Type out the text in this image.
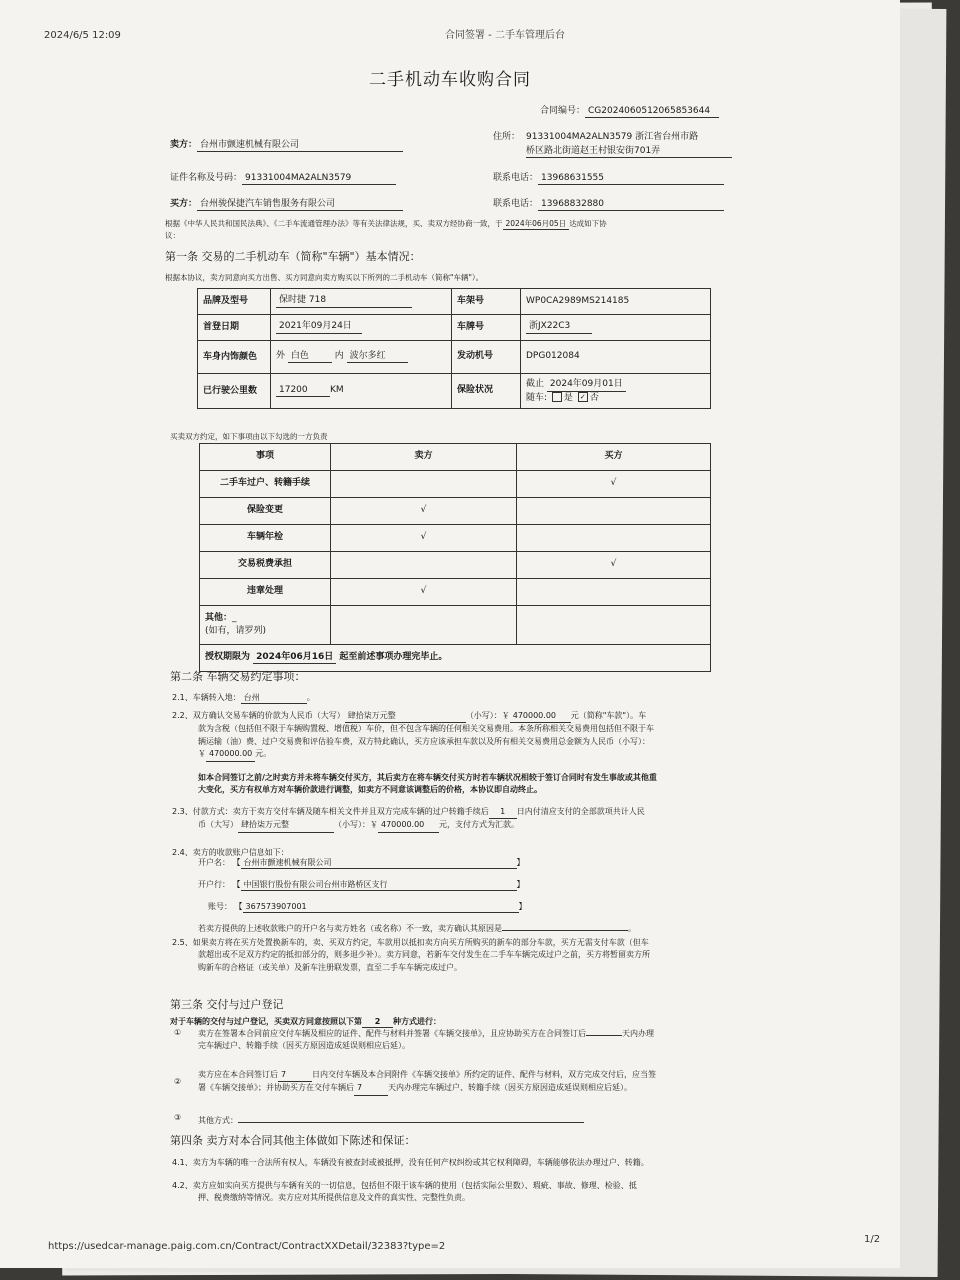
2024/6/5 12:09	合同签署 - 二手车管理后台
二手机动车收购合同
合同编号： CG2024060512065853644
卖方： 台州市颤速机械有限公司
住所： 91331004MA2ALN3579 浙江省台州市路
桥区路北街道赵王村银安街701弄
证件名称及号码： 91331004MA2ALN3579	联系电话： 13968631555
买方： 台州骏保捷汽车销售服务有限公司	联系电话： 13968832880
根据《中华人民共和国民法典》、《二手车流通管理办法》等有关法律法规，买、卖双方经协商一致，于 2024年06月05日 达成如下协
议：
第一条 交易的二手机动车（简称"车辆"）基本情况：
根据本协议，卖方同意向买方出售、买方同意向卖方购买以下所列的二手机动车（简称"车辆"）。
品牌及型号	保时捷 718	车架号	WP0CA2989MS214185
首登日期	2021年09月24日	车牌号	浙JX22C3
车身内饰颜色	外 白色 内 波尔多红	发动机号	DPG012084
已行驶公里数	17200 KM	保险状况	截止 2024年09月01日
随车: 是 ✓ 否
买卖双方约定，如下事项由以下勾选的一方负责
事项	卖方	买方
二手车过户、转籍手续		√
保险变更	√	
车辆年检	√	
交易税费承担		√
违章处理	√	
其他：_
(如有，请罗列)		
授权期限为 2024年06月16日 起至前述事项办理完毕止。		
第二条 车辆交易约定事项：
2.1、车辆转入地： 台州	。
2.2、双方确认交易车辆的价款为人民币（大写） 肆拾柒万元整	（小写）：￥ 470000.00 元（简称"车款"）。车
款为含税（包括但不限于车辆购置税、增值税）车价，但不包含车辆的任何相关交易费用。本条所称相关交易费用包括但不限于车
辆运输（油）费、过户交易费和评估验车费，双方特此确认，买方应该承担车款以及所有相关交易费用总金额为人民币（小写）：
￥ 470000.00 元。
如本合同签订之前/之时卖方并未将车辆交付买方，其后卖方在将车辆交付买方时若车辆状况相较于签订合同时有发生事故或其他重
大变化，买方有权单方对车辆价款进行调整，如卖方不同意该调整后的价格，本协议即自动终止。
2.3、付款方式：卖方于卖方交付车辆及随车相关文件并且双方完成车辆的过户转籍手续后 1 日内付清应支付的全部款项共计人民
币（大写） 肆拾柒万元整	（小写）：￥ 470000.00 元，支付方式为汇款。
2.4、卖方的收款账户信息如下：
开户名： 【 台州市颤速机械有限公司	】
开户行： 【 中国银行股份有限公司台州市路桥区支行	】
账号： 【 367573907001	】
若卖方提供的上述收款账户的开户名与卖方姓名（或名称）不一致，卖方确认其原因是	。
2.5、如果卖方将在买方处置换新车的，卖、买双方约定，车款用以抵扣卖方向买方所购买的新车的部分车款，买方无需支付车款（但车
款超出或不足双方约定的抵扣部分的，则多退少补）。卖方同意，若新车交付发生在二手车车辆完成过户之前，买方将暂留卖方所
购新车的合格证（或关单）及新车注册联发票，直至二手车车辆完成过户。
第三条 交付与过户登记
对于车辆的交付与过户登记，买卖双方同意按照以下第 2 种方式进行：
① 卖方在签署本合同前应交付车辆及相应的证件、配件与材料并签署《车辆交接单》，且应协助买方在合同签订后	天内办理
完车辆过户、转籍手续（因买方原因造成延误则相应后延）。
②
卖方应在本合同签订后 7	日内交付车辆及本合同附件《车辆交接单》所约定的证件、配件与材料，双方完成交付后，应当签
署《车辆交接单》；并协助买方在交付车辆后 7	天内办理完车辆过户、转籍手续（因买方原因造成延误则相应后延）。
③ 其他方式：
第四条 卖方对本合同其他主体做如下陈述和保证：
4.1、卖方为车辆的唯一合法所有权人，车辆没有被查封或被抵押，没有任何产权纠纷或其它权利障碍，车辆能够依法办理过户、转籍。
4.2、卖方应如实向买方提供与车辆有关的一切信息，包括但不限于该车辆的使用（包括实际公里数）、瑕疵、事故、修理、检验、抵
押、税费缴纳等情况。卖方应对其所提供信息及文件的真实性、完整性负责。
https://usedcar-manage.paig.com.cn/Contract/ContractXXDetail/32383?type=2
1/2
